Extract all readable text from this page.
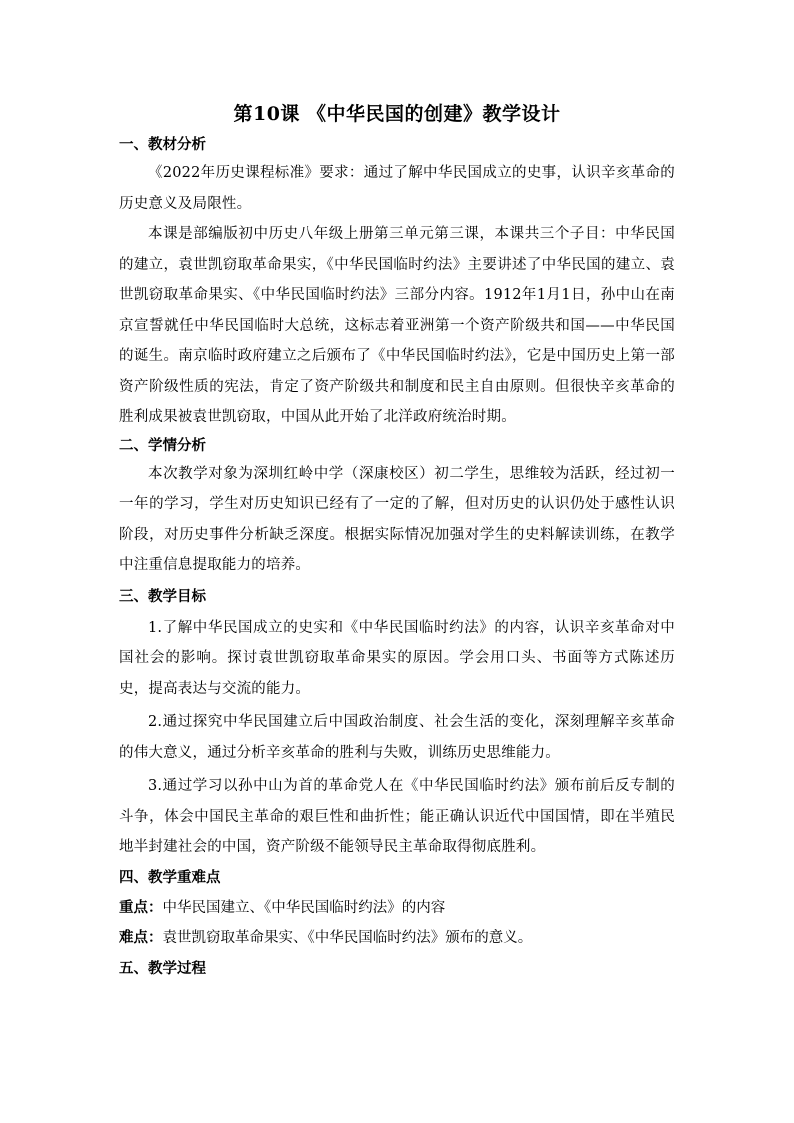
第10课 《中华民国的创建》教学设计
一、教材分析

《2022年历史课程标准》要求：通过了解中华民国成立的史事，认识辛亥革命的历史意义及局限性。

本课是部编版初中历史八年级上册第三单元第三课，本课共三个子目：中华民国的建立，袁世凯窃取革命果实，《中华民国临时约法》主要讲述了中华民国的建立、袁世凯窃取革命果实、《中华民国临时约法》三部分内容。1912年1月1日，孙中山在南京宣誓就任中华民国临时大总统，这标志着亚洲第一个资产阶级共和国——中华民国的诞生。南京临时政府建立之后颁布了《中华民国临时约法》，它是中国历史上第一部资产阶级性质的宪法，肯定了资产阶级共和制度和民主自由原则。但很快辛亥革命的胜利成果被袁世凯窃取，中国从此开始了北洋政府统治时期。

二、学情分析

本次教学对象为深圳红岭中学（深康校区）初二学生，思维较为活跃，经过初一一年的学习，学生对历史知识已经有了一定的了解，但对历史的认识仍处于感性认识阶段，对历史事件分析缺乏深度。根据实际情况加强对学生的史料解读训练，在教学中注重信息提取能力的培养。

三、教学目标

1.了解中华民国成立的史实和《中华民国临时约法》的内容，认识辛亥革命对中国社会的影响。探讨袁世凯窃取革命果实的原因。学会用口头、书面等方式陈述历史，提高表达与交流的能力。

2.通过探究中华民国建立后中国政治制度、社会生活的变化，深刻理解辛亥革命的伟大意义，通过分析辛亥革命的胜利与失败，训练历史思维能力。

3.通过学习以孙中山为首的革命党人在《中华民国临时约法》颁布前后反专制的斗争，体会中国民主革命的艰巨性和曲折性；能正确认识近代中国国情，即在半殖民地半封建社会的中国，资产阶级不能领导民主革命取得彻底胜利。

四、教学重难点

重点：中华民国建立、《中华民国临时约法》的内容

难点：袁世凯窃取革命果实、《中华民国临时约法》颁布的意义。

五、教学过程
